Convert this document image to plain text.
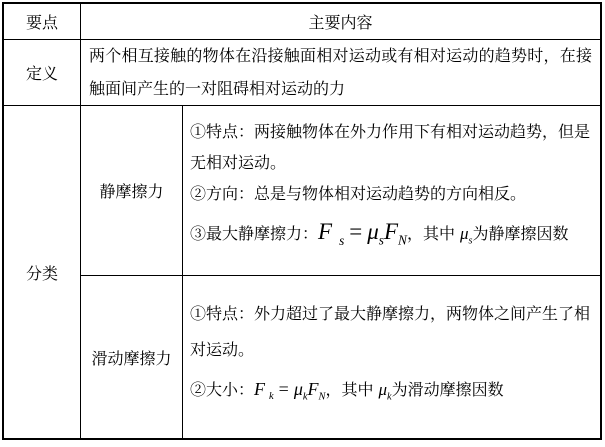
要点	主要内容
定义
两个相互接触的物体在沿接触面相对运动或有相对运动的趋势时，在接触面间产生的一对阻碍相对运动的力
分类
静摩擦力

①特点：两接触物体在外力作用下有相对运动趋势，但是无相对运动。

②方向：总是与物体相对运动趋势的方向相反。

③最大静摩擦力：F $_s = \mu_sF_N$，其中 $\mu_s$为静摩擦因数

滑动摩擦力

①特点：外力超过了最大静摩擦力，两物体之间产生了相对运动。

②大小：F $_k = \mu_kF_N$，其中 $\mu_k$为滑动摩擦因数
